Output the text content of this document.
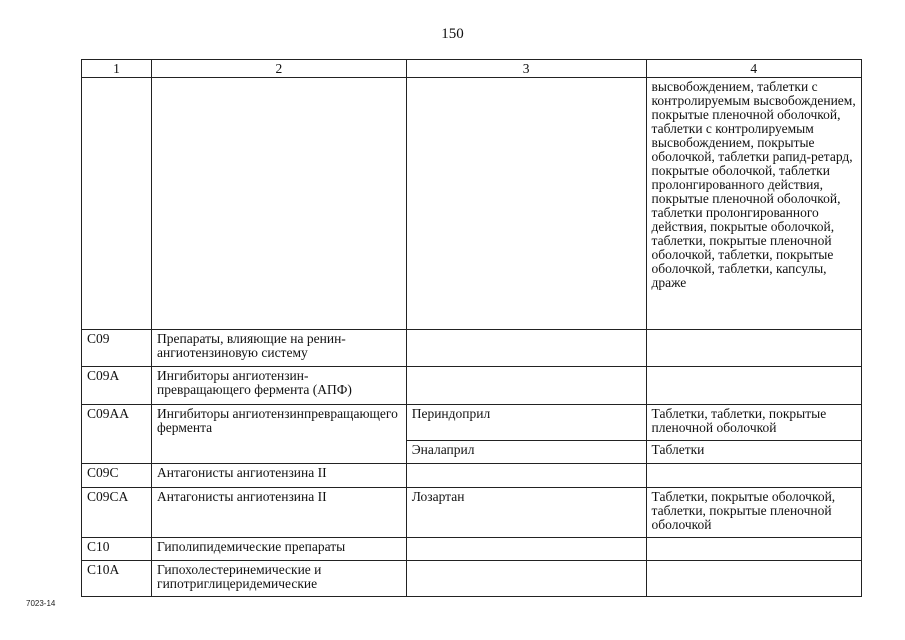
150
1	2	3	4
			высвобождением, таблетки с контролируемым высвобождением, покрытые пленочной оболочкой, таблетки с контролируемым высвобождением, покрытые оболочкой, таблетки рапид-ретард, покрытые оболочкой, таблетки пролонгированного действия, покрытые пленочной оболочкой, таблетки пролонгированного действия, покрытые оболочкой, таблетки, покрытые пленочной оболочкой, таблетки, покрытые оболочкой, таблетки, капсулы, драже
C09	Препараты, влияющие на ренин-ангиотензиновую систему		
C09A	Ингибиторы ангиотензин-превращающего фермента (АПФ)		
C09AA	Ингибиторы ангиотензинпревращающего фермента	Периндоприл	Таблетки, таблетки, покрытые пленочной оболочкой
		Эналаприл	Таблетки
C09C	Антагонисты ангиотензина II		
C09CA	Антагонисты ангиотензина II	Лозартан	Таблетки, покрытые оболочкой, таблетки, покрытые пленочной оболочкой
C10	Гиполипидемические препараты		
C10A	Гипохолестеринемические и гипотриглицеридемические		
7023-14
